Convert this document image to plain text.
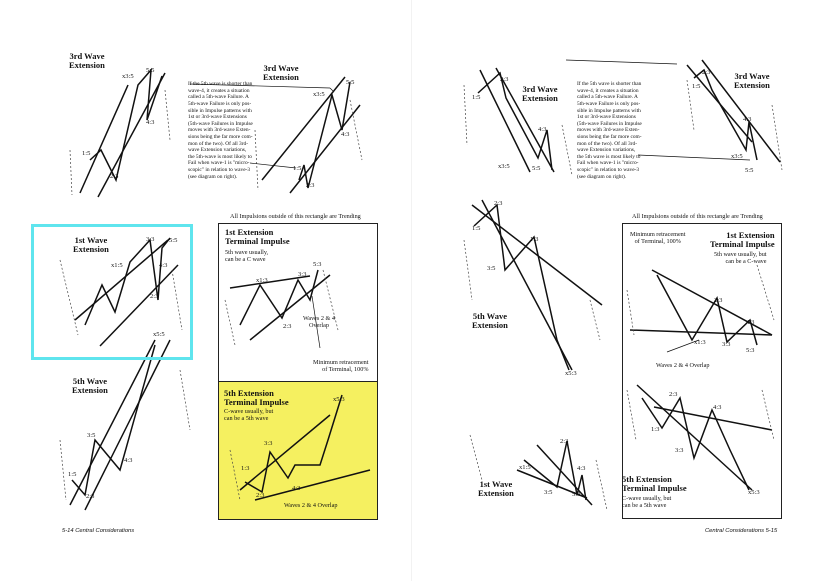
3rd Wave
Extension
x3:5
5:5
4:3
1:5
2:3

If the 5th wave is shorter than
wave-4, it creates a situation
called a 5th-wave Failure. A
5th-wave Failure is only pos-
sible in Impulse patterns with
1st or 3rd-wave Extensions
(5th-wave Failures in Impulse
moves with 3rd-wave Exten-
sions being the far more com-
mon of the two). Of all 3rd-
wave Extension variations,
the 5th-wave is most likely to
Fail when wave-1 is "micro-
scopic" in relation to wave-3
(see diagram on right).

3rd Wave
Extension
5:5
x3:5
4:3
1:5
2:3
All Impulsions outside of this rectangle are Trending
1st Wave
Extension
3:3 5:5
x1:5	4:3
2:3
1st Extension
Terminal Impulse
5th wave usually,
can be a C wave
x1:3
5:3
3:3
2:3
Waves 2 & 4
Overlap
Minimum retracement
of Terminal, 100%
5th Wave
Extension
x5:5
3:5
4:3
1:5
2:3
5th Extension
Terminal Impulse
C-wave usually, but
can be a 5th wave
x5:3
3:3
1:3
2:3
4:3
Waves 2 & 4 Overlap
5-14 Central Considerations
2:3
1:5
4:3
x3:5	5:5
3rd Wave
Extension

If the 5th wave is shorter than
wave-4, it creates a situation
called a 5th-wave Failure. A
5th-wave Failure is only pos-
sible in Impulse patterns with
1st or 3rd-wave Extensions
(5th-wave Failures in Impulse
moves with 3rd-wave Exten-
sions being the far more com-
mon of the two). Of all 3rd-
wave Extension variations,
the 5th wave is most likely to
Fail when wave-1 is "micro-
scopic" in relation to wave-3
(see diagram on right).

2:3
1:5
4:3
x3:5
5:5
3rd Wave
Extension
2:3
1:5
1:3
3:5
x5:3
5th Wave
Extension
All Impulsions outside of this rectangle are Trending
Minimum retracement
of Terminal, 100%
1st Extension
Terminal Impulse
5th wave usually, but
can be a C-wave
2:3
4:3
x1:3 3:3
5:3
Waves 2 & 4 Overlap
2:3
4:3
1:3
3:3
x5:3
5th Extension
Terminal Impulse
C-wave usually, but
can be a 5th wave
2:3
x1:5	4:3
3:5	5:3
1st Wave
Extension
Central Considerations 5-15
